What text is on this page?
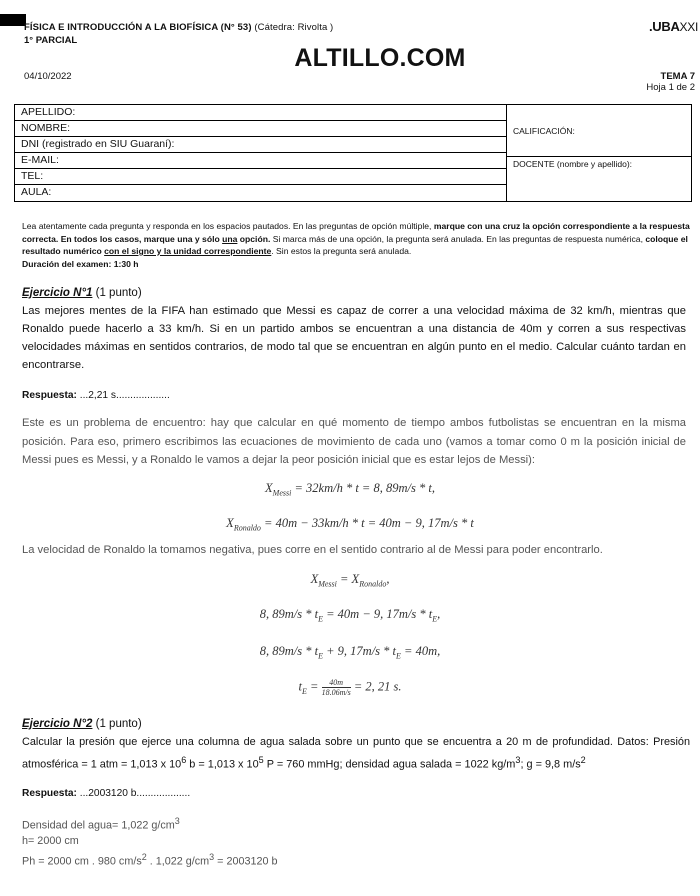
FÍSICA E INTRODUCCIÓN A LA BIOFÍSICA (N° 53) (Cátedra: Rivolta )
1° PARCIAL
.UBAXXI
ALTILLO.COM
04/10/2022	TEMA 7
Hoja 1 de 2
APELLIDO:
NOMBRE:
DNI (registrado en SIU Guaraní):
E-MAIL:
TEL:
AULA:
CALIFICACIÓN:
DOCENTE (nombre y apellido):
Lea atentamente cada pregunta y responda en los espacios pautados. En las preguntas de opción múltiple, marque con una cruz la opción correspondiente a la respuesta correcta. En todos los casos, marque una y sólo una opción. Si marca más de una opción, la pregunta será anulada. En las preguntas de respuesta numérica, coloque el resultado numérico con el signo y la unidad correspondiente. Sin estos la pregunta será anulada.
Duración del examen: 1:30 h
Ejercicio N°1 (1 punto)
Las mejores mentes de la FIFA han estimado que Messi es capaz de correr a una velocidad máxima de 32 km/h, mientras que Ronaldo puede hacerlo a 33 km/h. Si en un partido ambos se encuentran a una distancia de 40m y corren a sus respectivas velocidades máximas en sentidos contrarios, de modo tal que se encuentran en algún punto en el medio. Calcular cuánto tardan en encontrarse.
Respuesta: ...2,21 s...................
Este es un problema de encuentro: hay que calcular en qué momento de tiempo ambos futbolistas se encuentran en la misma posición. Para eso, primero escribimos las ecuaciones de movimiento de cada uno (vamos a tomar como 0 m la posición inicial de Messi pues es Messi, y a Ronaldo le vamos a dejar la peor posición inicial que es estar lejos de Messi):
$X_{Messi} = 32km/h * t = 8$, 89m/s * t,
$X_{Ronaldo} = 40m - 33km/h * t = 40m - 9$, 17m/s * t
La velocidad de Ronaldo la tomamos negativa, pues corre en el sentido contrario al de Messi para poder encontrarlo.
$X_{Messi} = X_{Ronaldo}$,
8, $89m/s * t_E = 40m - 9$, $17m/s * t_E$,
8, $89m/s * t_E + 9$, $17m/s * t_E = 40m$,
$t_E = \frac{40m}{18.06m/s} = 2$, 21 s.
Ejercicio N°2 (1 punto)
Calcular la presión que ejerce una columna de agua salada sobre un punto que se encuentra a 20 m de profundidad. Datos: Presión atmosférica = 1 atm = 1,013 x $10^6$ b = 1,013 x $10^5$ P = 760 mmHg; densidad agua salada = 1022 $kg/m^3$; g = 9,8 $m/s^2$
Respuesta: ...2003120 b...................
Densidad del agua= 1,022 $g/cm^3$
h= 2000 cm
Ph = 2000 cm . 980 $cm/s^2$ . 1,022 $g/cm^3 = 2003120$ b
